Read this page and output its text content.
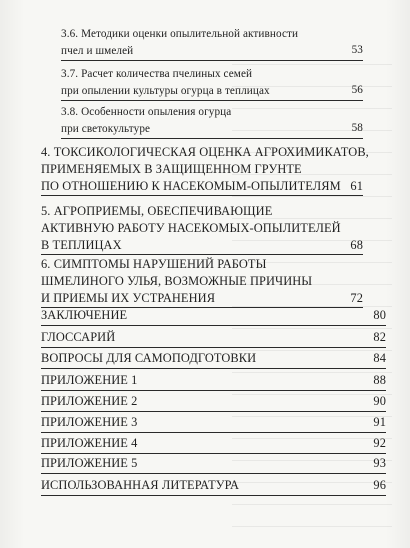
3.6. Методики оценки опылительной активности
пчел и шмелей	53
3.7. Расчет количества пчелиных семей
при опылении культуры огурца в теплицах	56
3.8. Особенности опыления огурца
при светокультуре	58
4. ТОКСИКОЛОГИЧЕСКАЯ ОЦЕНКА АГРОХИМИКАТОВ,
ПРИМЕНЯЕМЫХ В ЗАЩИЩЕННОМ ГРУНТЕ
ПО ОТНОШЕНИЮ К НАСЕКОМЫМ-ОПЫЛИТЕЛЯМ 61
5. АГРОПРИЕМЫ, ОБЕСПЕЧИВАЮЩИЕ
АКТИВНУЮ РАБОТУ НАСЕКОМЫХ-ОПЫЛИТЕЛЕЙ
В ТЕПЛИЦАХ	68
6. СИМПТОМЫ НАРУШЕНИЙ РАБОТЫ
ШМЕЛИНОГО УЛЬЯ, ВОЗМОЖНЫЕ ПРИЧИНЫ
И ПРИЕМЫ ИХ УСТРАНЕНИЯ	72
ЗАКЛЮЧЕНИЕ	80
ГЛОССАРИЙ	82
ВОПРОСЫ ДЛЯ САМОПОДГОТОВКИ	84
ПРИЛОЖЕНИЕ 1	88
ПРИЛОЖЕНИЕ 2	90
ПРИЛОЖЕНИЕ 3	91
ПРИЛОЖЕНИЕ 4	92
ПРИЛОЖЕНИЕ 5	93
ИСПОЛЬЗОВАННАЯ ЛИТЕРАТУРА	96
